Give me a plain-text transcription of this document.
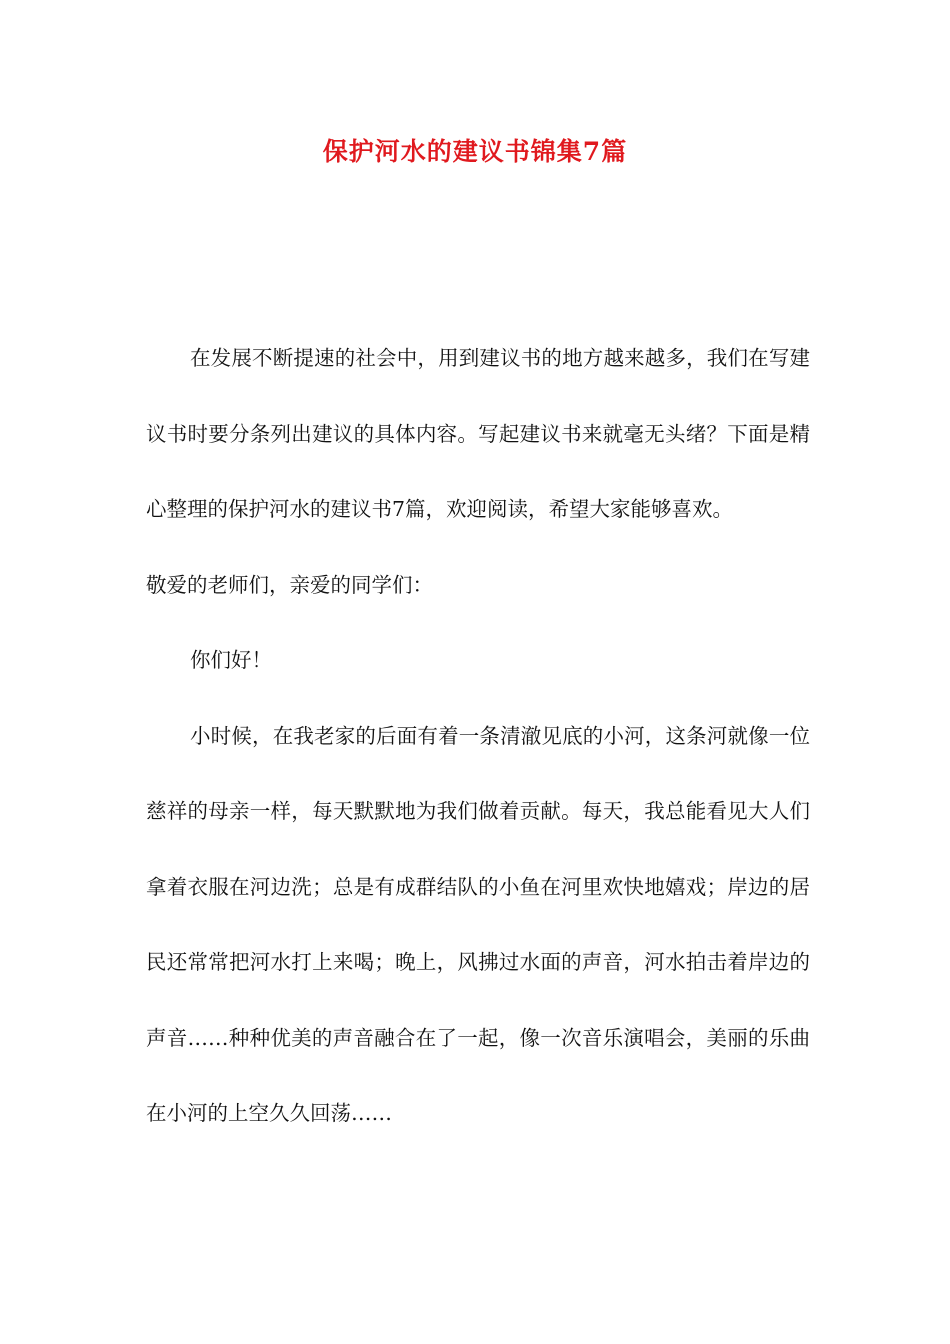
保护河水的建议书锦集7篇

在发展不断提速的社会中，用到建议书的地方越来越多，我们在写建议书时要分条列出建议的具体内容。写起建议书来就毫无头绪？下面是精心整理的保护河水的建议书7篇，欢迎阅读，希望大家能够喜欢。

敬爱的老师们，亲爱的同学们：

你们好！

小时候，在我老家的后面有着一条清澈见底的小河，这条河就像一位慈祥的母亲一样，每天默默地为我们做着贡献。每天，我总能看见大人们拿着衣服在河边洗；总是有成群结队的小鱼在河里欢快地嬉戏；岸边的居民还常常把河水打上来喝；晚上，风拂过水面的声音，河水拍击着岸边的声音……种种优美的声音融合在了一起，像一次音乐演唱会，美丽的乐曲在小河的上空久久回荡……
